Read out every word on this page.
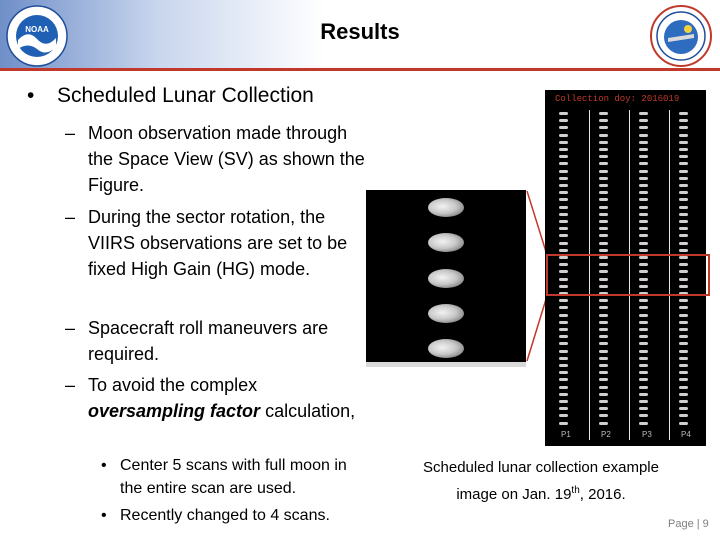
Results
NOAA
• Scheduled Lunar Collection
– Moon observation made through the Space View (SV) as shown the Figure.
– During the sector rotation, the VIIRS observations are set to be fixed High Gain (HG) mode.
– Spacecraft roll maneuvers are required.
– To avoid the complex oversampling factor calculation,
• Center 5 scans with full moon in the entire scan are used.
• Recently changed to 4 scans.
Collection doy: 2016019
P1	P2	P3	P4
Scheduled lunar collection example
image on Jan. 19th, 2016.
Page | 9
